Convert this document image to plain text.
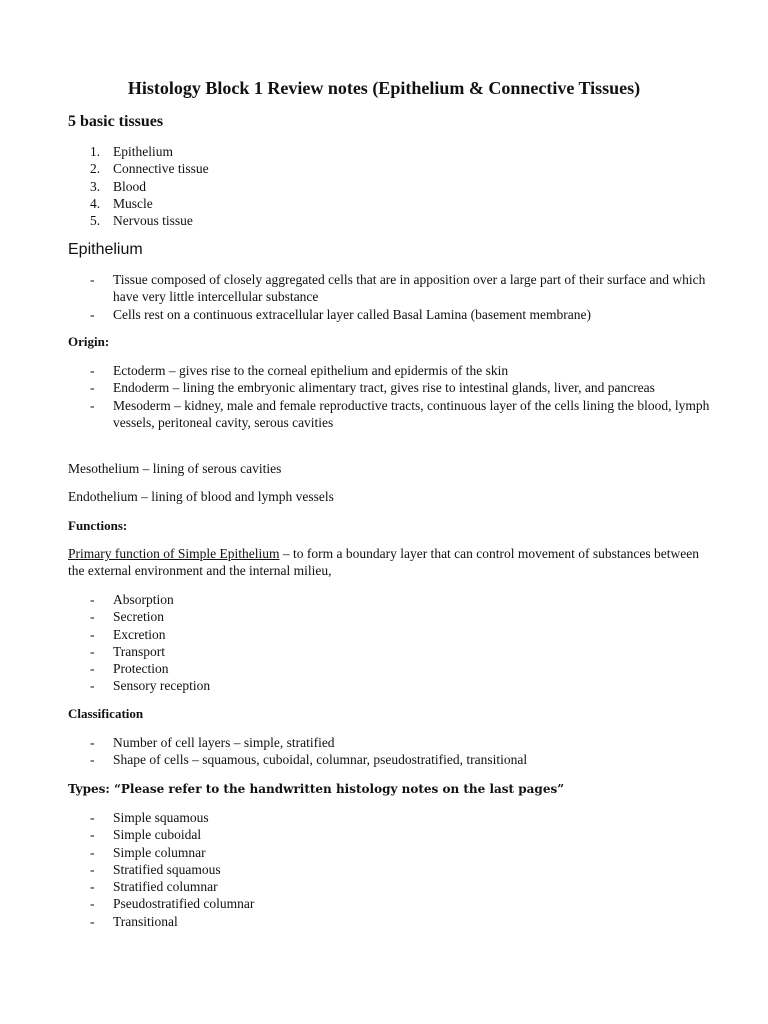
Histology Block 1 Review notes (Epithelium & Connective Tissues)
5 basic tissues
1. Epithelium
2. Connective tissue
3. Blood
4. Muscle
5. Nervous tissue
Epithelium
- Tissue composed of closely aggregated cells that are in apposition over a large part of their surface and which have very little intercellular substance
- Cells rest on a continuous extracellular layer called Basal Lamina (basement membrane)
Origin:
- Ectoderm – gives rise to the corneal epithelium and epidermis of the skin
- Endoderm – lining the embryonic alimentary tract, gives rise to intestinal glands, liver, and pancreas
- Mesoderm – kidney, male and female reproductive tracts, continuous layer of the cells lining the blood, lymph vessels, peritoneal cavity, serous cavities
Mesothelium – lining of serous cavities
Endothelium – lining of blood and lymph vessels
Functions:
Primary function of Simple Epithelium – to form a boundary layer that can control movement of substances between the external environment and the internal milieu,
- Absorption
- Secretion
- Excretion
- Transport
- Protection
- Sensory reception
Classification
- Number of cell layers – simple, stratified
- Shape of cells – squamous, cuboidal, columnar, pseudostratified, transitional
Types: “Please refer to the handwritten histology notes on the last pages”
- Simple squamous
- Simple cuboidal
- Simple columnar
- Stratified squamous
- Stratified columnar
- Pseudostratified columnar
- Transitional
